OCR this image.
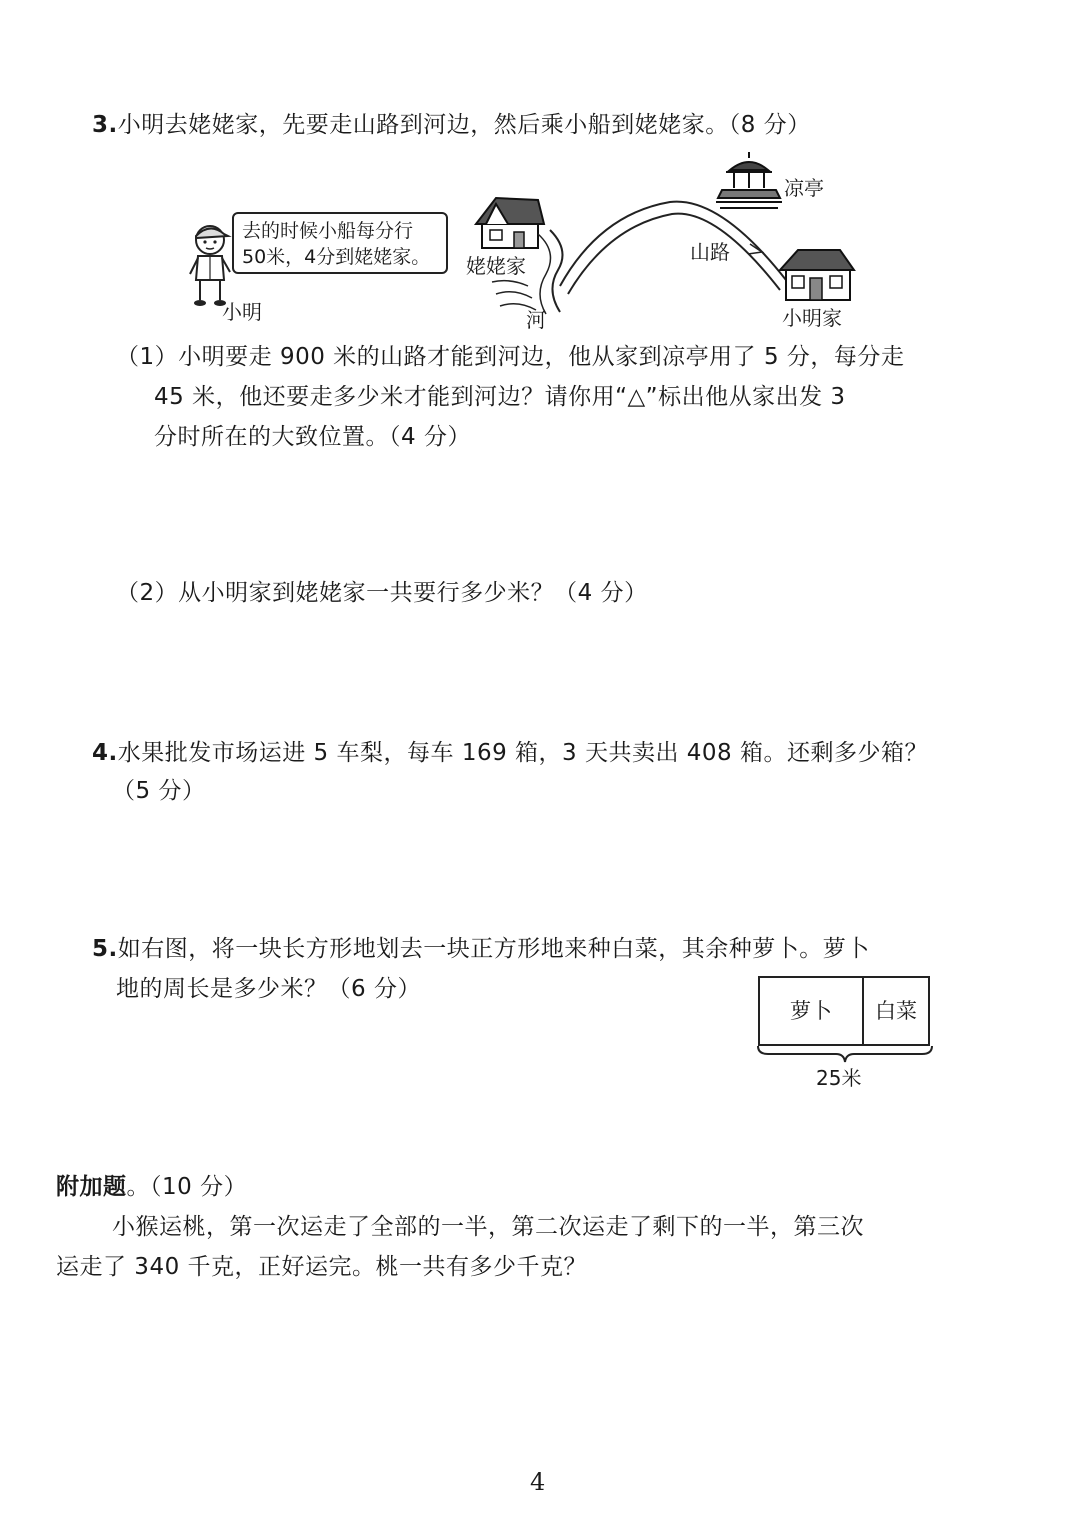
3.小明去姥姥家，先要走山路到河边，然后乘小船到姥姥家。（8 分）
小明
去的时候小船每分行
50米，4分到姥姥家。	姥姥家
河
山路
凉亭
小明家
（1）小明要走 900 米的山路才能到河边，他从家到凉亭用了 5 分，每分走
45 米，他还要走多少米才能到河边？请你用“△”标出他从家出发 3
分时所在的大致位置。（4 分）
（2）从小明家到姥姥家一共要行多少米？（4 分）
4.水果批发市场运进 5 车梨，每车 169 箱，3 天共卖出 408 箱。还剩多少箱？
（5 分）
5.如右图，将一块长方形地划去一块正方形地来种白菜，其余种萝卜。萝卜
地的周长是多少米？（6 分）
萝卜	白菜
25米
附加题。（10 分）
小猴运桃，第一次运走了全部的一半，第二次运走了剩下的一半，第三次
运走了 340 千克，正好运完。桃一共有多少千克？
4
